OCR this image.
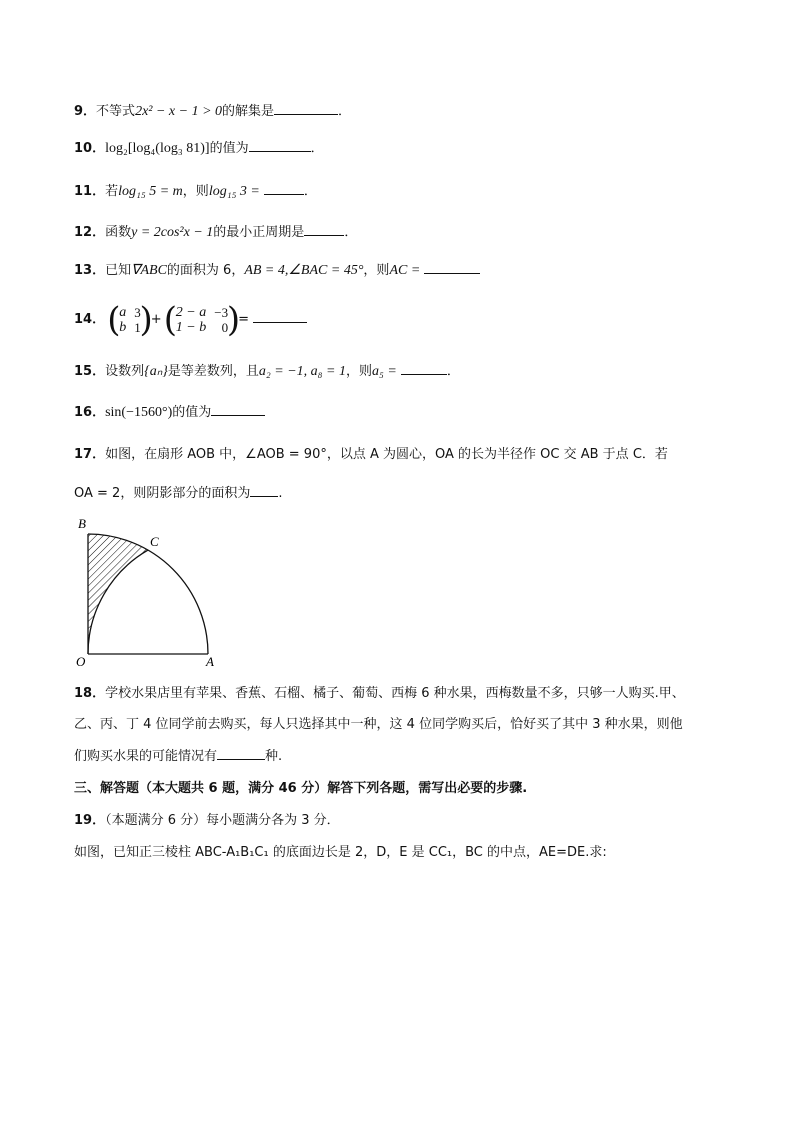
9．不等式2x² − x − 1 > 0的解集是	．
10．log₂[log₄(log₃ 81)]的值为	．
11．若log₁₅ 5 = m，则log₁₅ 3 =	．
12．函数y = 2cos²x − 1的最小正周期是	．
13．已知∇ABC的面积为 6，AB = 4,∠BAC = 45°，则AC =
14． (
a	3
b	1
)
+ (
2 − a	−3
1 − b	0
)
=
15．设数列{aₙ}是等差数列，且a₂ = −1, a₈ = 1，则a₅ =	．
16．sin(−1560°)的值为
17．如图，在扇形 AOB 中，∠AOB = 90°，以点 A 为圆心，OA 的长为半径作 OC 交 AB 于点 C．若
OA = 2，则阴影部分的面积为 .
B
C
O	A
18．学校水果店里有苹果、香蕉、石榴、橘子、葡萄、西梅 6 种水果，西梅数量不多，只够一人购买.甲、
乙、丙、丁 4 位同学前去购买，每人只选择其中一种，这 4 位同学购买后，恰好买了其中 3 种水果，则他
们购买水果的可能情况有	种.
三、解答题（本大题共 6 题，满分 46 分）解答下列各题，需写出必要的步骤.
19．（本题满分 6 分）每小题满分各为 3 分．
如图，已知正三棱柱 ABC-A₁B₁C₁ 的底面边长是 2，D，E 是 CC₁，BC 的中点，AE=DE.求:
